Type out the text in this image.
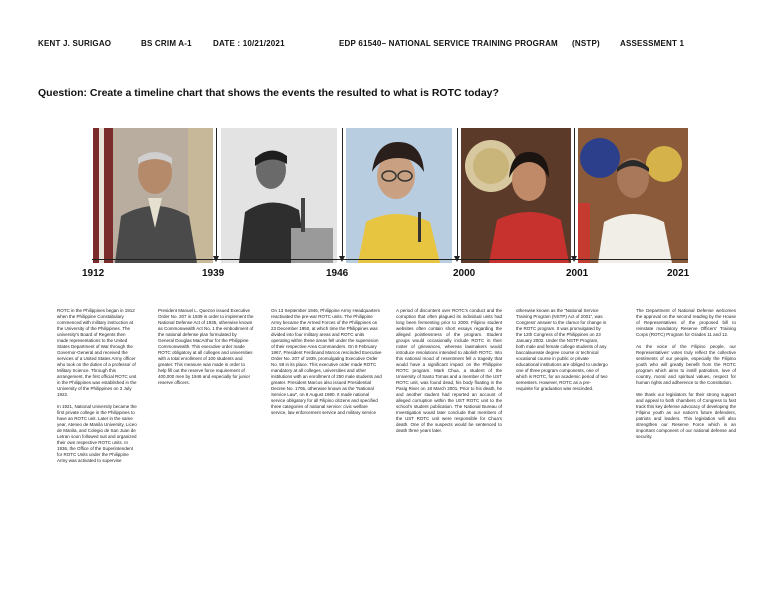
KENT J. SURIGAO	BS CRIM A-1	DATE : 10/21/2021	EDP 61540– NATIONAL SERVICE TRAINING PROGRAM (NSTP)	ASSESSMENT 1
Question: Create a timeline chart that shows the events the resulted to what is ROTC today?
1912	1939	1946	2000	2001	2021

ROTC in the Philippines began in 1912 when the Philippine Constabulary commenced with military instruction at the University of the Philippines. The university’s Board of Regents then made representations to the United States Department of War through the Governor-General and received the services of a United States Army officer who took on the duties of a professor of Military Science. Through this arrangement, the first official ROTC unit in the Philippines was established in the University of the Philippines on 3 July 1922.

In 1921, National University became the first private college in the Philippines to have an ROTC unit. Later in the same year, Ateneo de Manila University, Liceo de Manila, and Colegio de San Juan de Letran soon followed suit and organized their own respective ROTC units. In 1936, the Office of the Superintendent for ROTC Units under the Philippine Army was activated to supervise

President Manuel L. Quezon issued Executive Order No. 207 in 1939 in order to implement the National Defense Act of 1935, otherwise known as Commonwealth Act No. 1 the embodiment of the national defense plan formulated by General Douglas MacArthur for the Philippine Commonwealth. This executive order made ROTC obligatory at all colleges and universities with a total enrollment of 100 students and greater. This measure was made in order to help fill out the reserve force requirement of 400,000 men by 1946 and especially for junior reserve officers.

On 13 September 1946, Philippine Army Headquarters reactivated the pre-war ROTC units. The Philippine Army became the Armed Forces of the Philippines on 23 December 1950, at which time the Philippines was divided into four military areas and ROTC units operating within these areas fell under the supervision of their respective Area Commanders. On 8 February 1967, President Ferdinand Marcos rescinded Executive Order No. 207 of 1939, promulgating Executive Order No. 59 in its place. This executive order made ROTC mandatory at all colleges, universities and other institutions with an enrollment of 250 male students and greater. President Marcos also issued Presidential Decree No. 1706, otherwise known as the “National Service Law”, on 8 August 1980. It made national service obligatory for all Filipino citizens and specified three categories of national service: civic welfare service, law enforcement service and military service

A period of discontent over ROTC’s conduct and the corruption that often plagued its individual units had long been fermenting prior to 2000. Filipino student websites often contain short essays regarding the alleged pointlessness of the program. Student groups would occasionally include ROTC in their roster of grievances, whereas lawmakers would introduce resolutions intended to abolish ROTC. Into this national mood of resentment fell a tragedy that would have a significant impact on the Philippine ROTC program. Mark Chua, a student of the University of Santo Tomas and a member of the UST ROTC unit, was found dead, his body floating in the Pasig River on 18 March 2001. Prior to his death, he and another student had reported an account of alleged corruption within the UST ROTC unit to the school’s student publication. The National Bureau of Investigation would later conclude that members of the UST ROTC unit were responsible for Chua’s death. One of the suspects would be sentenced to death three years later.

otherwise known as the “National Service Training Program (NSTP) Act of 2001”, was Congress’ answer to the clamor for change in the ROTC program. It was promulgated by the 12th Congress of the Philippines on 23 January 2002. Under the NSTP Program, both male and female college students of any baccalaureate degree course or technical vocational course in public or private educational institutions are obliged to undergo one of three program components, one of which is ROTC, for an academic period of two semesters. However, ROTC as a pre-requisite for graduation was rescinded.

The Department of National Defense welcomes the approval on the second reading by the House of Representatives of the proposed bill to reinstate mandatory Reserve Officers’ Training Corps (ROTC) Program for Grades 11 and 12.

As the voice of the Filipino people, our Representatives’ votes truly reflect the collective sentiments of our people, especially the Filipino youth who will greatly benefit from the ROTC program which aims to instill patriotism, love of country, moral and spiritual values, respect for human rights and adherence to the Constitution.

We thank our legislators for their strong support and appeal to both chambers of Congress to fast track this key defense advocacy of developing the Filipino youth as our nation’s future defenders, patriots and leaders. This legislation will also strengthen our Reserve Force which is an important component of our national defense and security.
